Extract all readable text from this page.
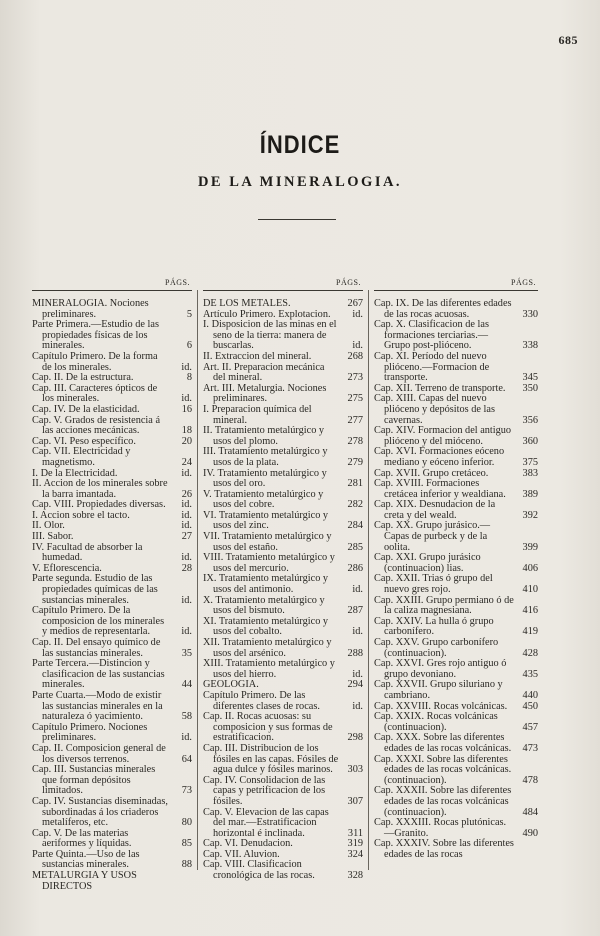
685
ÍNDICE
DE LA MINERALOGIA.
PÁGS.
MINERALOGIA. Nociones preliminares.	5
Parte Primera.—Estudio de las propiedades físicas de los minerales.	6
Capítulo Primero. De la forma de los minerales.	id.
Cap. II. De la estructura.	8
Cap. III. Caracteres ópticos de los minerales.	id.
Cap. IV. De la elasticidad.	16
Cap. V. Grados de resistencia á las acciones mecánicas.	18
Cap. VI. Peso específico.	20
Cap. VII. Electricidad y magnetismo.	24
I. De la Electricidad.	id.
II. Accion de los minerales sobre la barra imantada.	26
Cap. VIII. Propiedades diversas.	id.
I. Accion sobre el tacto.	id.
II. Olor.	id.
III. Sabor.	27
IV. Facultad de absorber la humedad.	id.
V. Eflorescencia.	28
Parte segunda. Estudio de las propiedades químicas de las sustancias minerales.	id.
Capítulo Primero. De la composicion de los minerales y medios de representarla.	id.
Cap. II. Del ensayo químico de las sustancias minerales.	35
Parte Tercera.—Distincion y clasificacion de las sustancias minerales.	44
Parte Cuarta.—Modo de existir las sustancias minerales en la naturaleza ó yacimiento.	58
Capítulo Primero. Nociones preliminares.	id.
Cap. II. Composicion general de los diversos terrenos.	64
Cap. III. Sustancias minerales que forman depósitos limitados.	73
Cap. IV. Sustancias diseminadas, subordinadas á los criaderos metalíferos, etc.	80
Cap. V. De las materias aeriformes y líquidas.	85
Parte Quinta.—Uso de las sustancias minerales.	88
METALURGIA Y USOS DIRECTOS
PÁGS.
DE LOS METALES.	267
Artículo Primero. Explotacion.	id.
I. Disposicion de las minas en el seno de la tierra: manera de buscarlas.	id.
II. Extraccion del mineral.	268
Art. II. Preparacion mecánica del mineral.	273
Art. III. Metalurgia. Nociones preliminares.	275
I. Preparacion química del mineral.	277
II. Tratamiento metalúrgico y usos del plomo.	278
III. Tratamiento metalúrgico y usos de la plata.	279
IV. Tratamiento metalúrgico y usos del oro.	281
V. Tratamiento metalúrgico y usos del cobre.	282
VI. Tratamiento metalúrgico y usos del zinc.	284
VII. Tratamiento metalúrgico y usos del estaño.	285
VIII. Tratamiento metalúrgico y usos del mercurio.	286
IX. Tratamiento metalúrgico y usos del antimonio.	id.
X. Tratamiento metalúrgico y usos del bismuto.	287
XI. Tratamiento metalúrgico y usos del cobalto.	id.
XII. Tratamiento metalúrgico y usos del arsénico.	288
XIII. Tratamiento metalúrgico y usos del hierro.	id.
GEOLOGIA.	294
Capítulo Primero. De las diferentes clases de rocas.	id.
Cap. II. Rocas acuosas: su composicion y sus formas de estratificacion.	298
Cap. III. Distribucion de los fósiles en las capas. Fósiles de agua dulce y fósiles marinos.	303
Cap. IV. Consolidacion de las capas y petrificacion de los fósiles.	307
Cap. V. Elevacion de las capas del mar.—Estratificacion horizontal é inclinada.	311
Cap. VI. Denudacion.	319
Cap. VII. Aluvion.	324
Cap. VIII. Clasificacion cronológica de las rocas.	328
PÁGS.
Cap. IX. De las diferentes edades de las rocas acuosas.	330
Cap. X. Clasificacion de las formaciones terciarias.—Grupo post-plióceno.	338
Cap. XI. Período del nuevo plióceno.—Formacion de transporte.	345
Cap. XII. Terreno de transporte.	350
Cap. XIII. Capas del nuevo plióceno y depósitos de las cavernas.	356
Cap. XIV. Formacion del antiguo plióceno y del mióceno.	360
Cap. XVI. Formaciones eóceno mediano y eóceno inferior.	375
Cap. XVII. Grupo cretáceo.	383
Cap. XVIII. Formaciones cretácea inferior y wealdiana.	389
Cap. XIX. Desnudacion de la creta y del weald.	392
Cap. XX. Grupo jurásico.—Capas de purbeck y de la oolita.	399
Cap. XXI. Grupo jurásico (continuacion) lias.	406
Cap. XXII. Trias ó grupo del nuevo gres rojo.	410
Cap. XXIII. Grupo permiano ó de la caliza magnesiana.	416
Cap. XXIV. La hulla ó grupo carbonífero.	419
Cap. XXV. Grupo carbonífero (continuacion).	428
Cap. XXVI. Gres rojo antiguo ó grupo devoniano.	435
Cap. XXVII. Grupo siluriano y cambriano.	440
Cap. XXVIII. Rocas volcánicas.	450
Cap. XXIX. Rocas volcánicas (continuacion).	457
Cap. XXX. Sobre las diferentes edades de las rocas volcánicas.	473
Cap. XXXI. Sobre las diferentes edades de las rocas volcánicas. (continuacion).	478
Cap. XXXII. Sobre las diferentes edades de las rocas volcánicas (continuacion).	484
Cap. XXXIII. Rocas plutónicas.—Granito.	490
Cap. XXXIV. Sobre las diferentes edades de las rocas
